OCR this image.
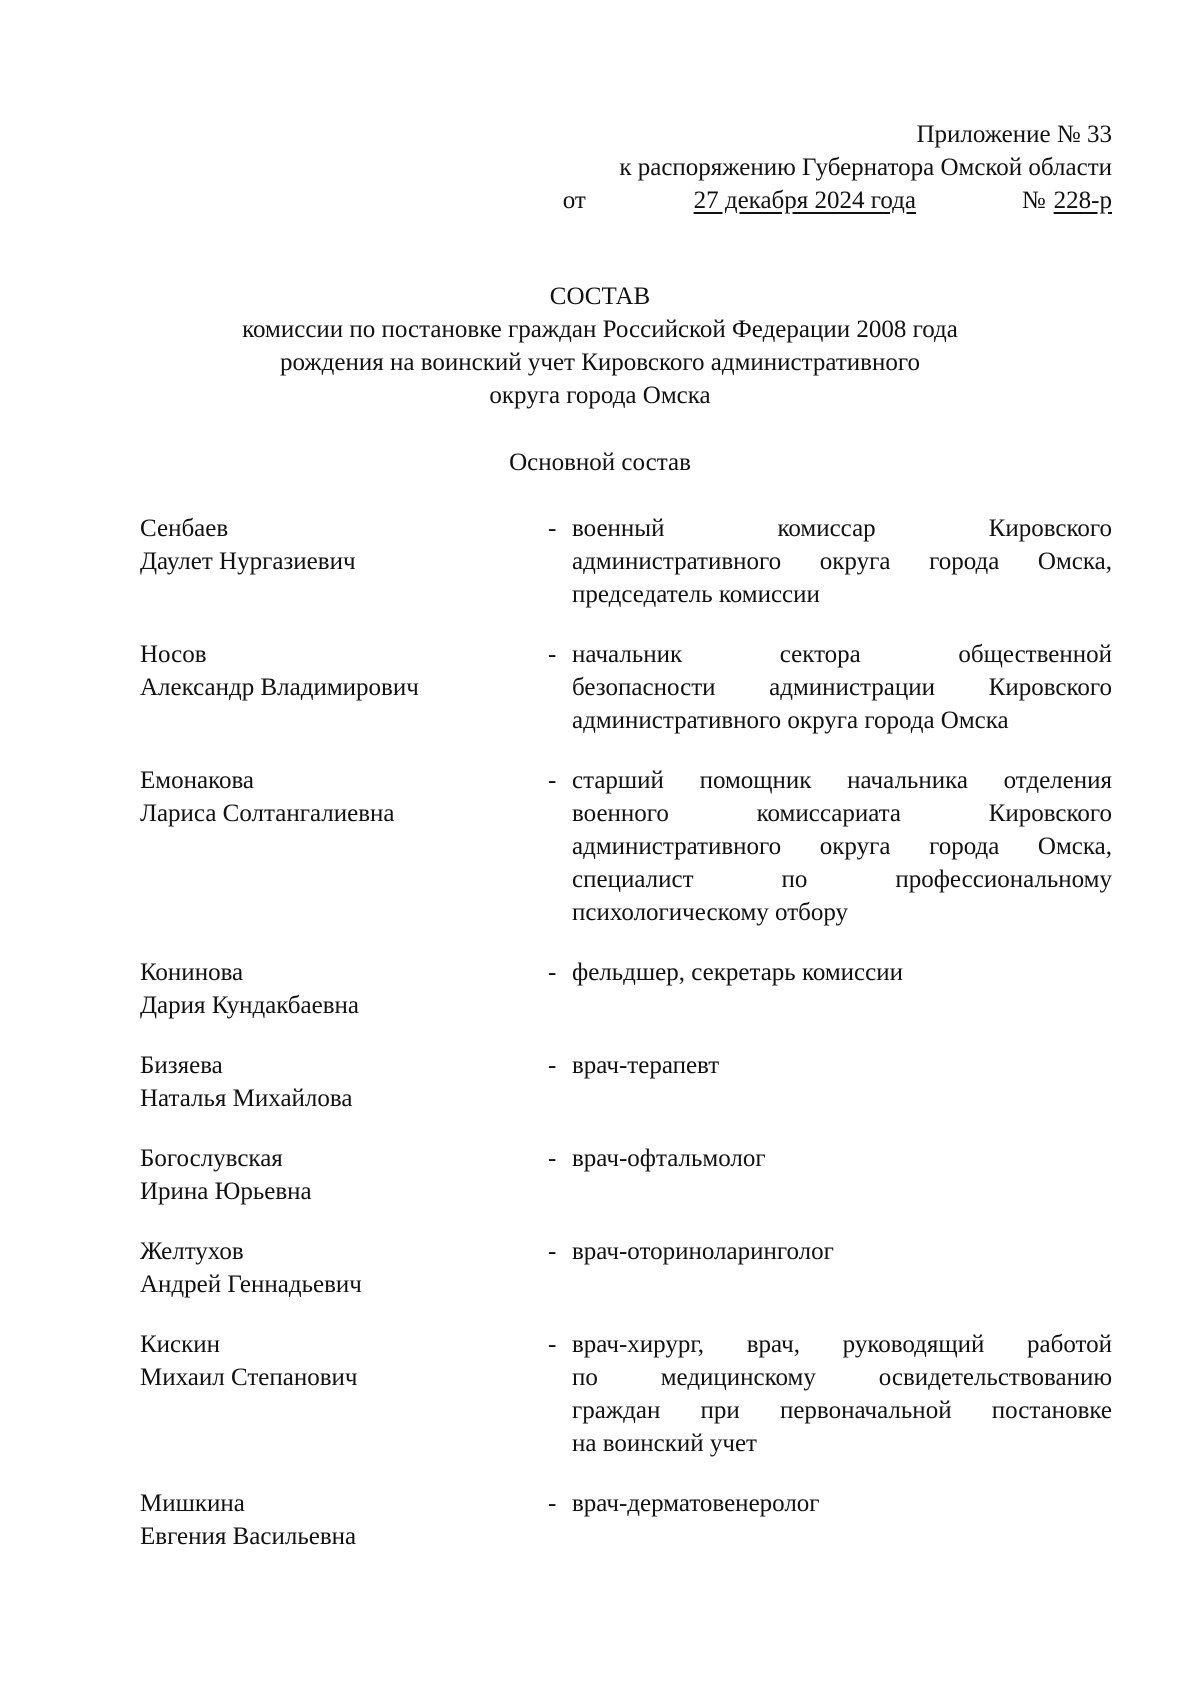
Приложение № 33
к распоряжению Губернатора Омской области
от	27 декабря 2024 года	№ 228-р
СОСТАВ
комиссии по постановке граждан Российской Федерации 2008 года
рождения на воинский учет Кировского административного
округа города Омска
Основной состав
Сенбаев
Даулет Нургазиевич
- военный комиссар Кировского
административного округа города Омска,
председатель комиссии
Носов
Александр Владимирович
- начальник сектора общественной
безопасности администрации Кировского
административного округа города Омска
Емонакова
Лариса Солтангалиевна
- старший помощник начальника отделения
военного комиссариата Кировского
административного округа города Омска,
специалист по профессиональному
психологическому отбору
Конинова
Дария Кундакбаевна
- фельдшер, секретарь комиссии
Бизяева
Наталья Михайлова
- врач-терапевт
Богослувская
Ирина Юрьевна
- врач-офтальмолог
Желтухов
Андрей Геннадьевич
- врач-оториноларинголог
Кискин
Михаил Степанович
- врач-хирург, врач, руководящий работой
по медицинскому освидетельствованию
граждан при первоначальной постановке
на воинский учет
Мишкина
Евгения Васильевна
- врач-дерматовенеролог
